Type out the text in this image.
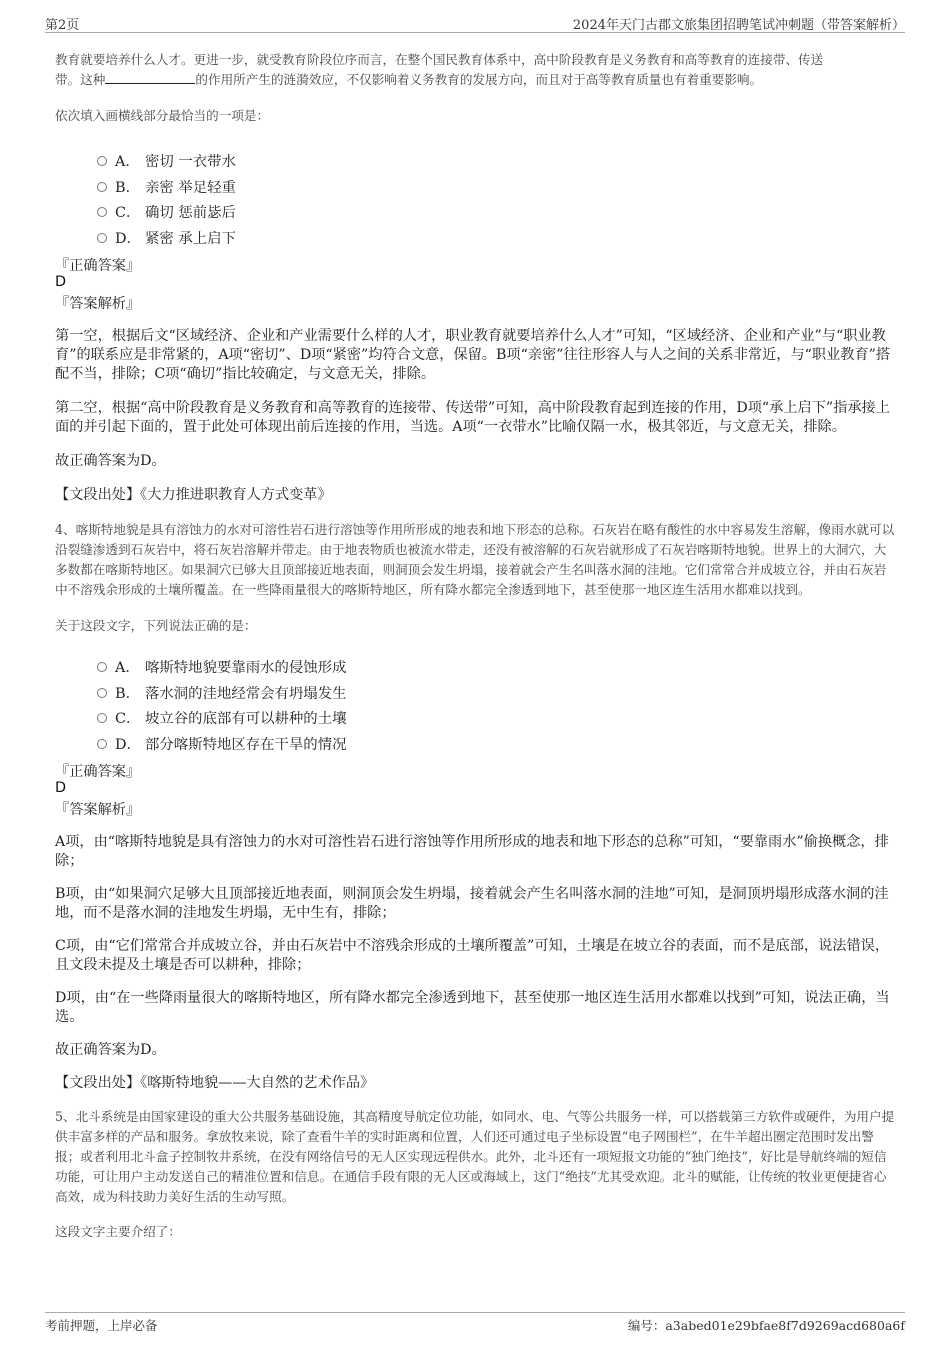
第2页	2024年天门古郡文旅集团招聘笔试冲刺题（带答案解析）

教育就要培养什么人才。更进一步，就受教育阶段位序而言，在整个国民教育体系中，高中阶段教育是义务教育和高等教育的连接带、传送

带。这种	的作用所产生的涟漪效应，不仅影响着义务教育的发展方向，而且对于高等教育质量也有着重要影响。

依次填入画横线部分最恰当的一项是：

A． 密切 一衣带水
B． 亲密 举足轻重
C． 确切 惩前毖后
D． 紧密 承上启下
『正确答案』
D
『答案解析』

第一空，根据后文“区域经济、企业和产业需要什么样的人才，职业教育就要培养什么人才”可知，“区域经济、企业和产业”与“职业教育”的联系应是非常紧的，A项“密切”、D项“紧密”均符合文意，保留。B项“亲密”往往形容人与人之间的关系非常近，与“职业教育”搭配不当，排除；C项“确切”指比较确定，与文意无关，排除。

第二空，根据“高中阶段教育是义务教育和高等教育的连接带、传送带”可知，高中阶段教育起到连接的作用，D项“承上启下”指承接上面的并引起下面的，置于此处可体现出前后连接的作用，当选。A项“一衣带水”比喻仅隔一水，极其邻近，与文意无关，排除。

故正确答案为D。

【文段出处】《大力推进职教育人方式变革》

4、喀斯特地貌是具有溶蚀力的水对可溶性岩石进行溶蚀等作用所形成的地表和地下形态的总称。石灰岩在略有酸性的水中容易发生溶解，像雨水就可以沿裂缝渗透到石灰岩中，将石灰岩溶解并带走。由于地表物质也被流水带走，还没有被溶解的石灰岩就形成了石灰岩喀斯特地貌。世界上的大洞穴，大多数都在喀斯特地区。如果洞穴已够大且顶部接近地表面，则洞顶会发生坍塌，接着就会产生名叫落水洞的洼地。它们常常合并成坡立谷，并由石灰岩中不溶残余形成的土壤所覆盖。在一些降雨量很大的喀斯特地区，所有降水都完全渗透到地下，甚至使那一地区连生活用水都难以找到。

关于这段文字，下列说法正确的是：

A． 喀斯特地貌要靠雨水的侵蚀形成
B． 落水洞的洼地经常会有坍塌发生
C． 坡立谷的底部有可以耕种的土壤
D． 部分喀斯特地区存在干旱的情况
『正确答案』
D
『答案解析』

A项，由“喀斯特地貌是具有溶蚀力的水对可溶性岩石进行溶蚀等作用所形成的地表和地下形态的总称”可知，“要靠雨水”偷换概念，排除；

B项，由“如果洞穴足够大且顶部接近地表面，则洞顶会发生坍塌，接着就会产生名叫落水洞的洼地”可知，是洞顶坍塌形成落水洞的洼地，而不是落水洞的洼地发生坍塌，无中生有，排除；

C项，由“它们常常合并成坡立谷，并由石灰岩中不溶残余形成的土壤所覆盖”可知，土壤是在坡立谷的表面，而不是底部，说法错误，且文段未提及土壤是否可以耕种，排除；

D项，由“在一些降雨量很大的喀斯特地区，所有降水都完全渗透到地下，甚至使那一地区连生活用水都难以找到”可知，说法正确，当选。

故正确答案为D。

【文段出处】《喀斯特地貌——大自然的艺术作品》

5、北斗系统是由国家建设的重大公共服务基础设施，其高精度导航定位功能，如同水、电、气等公共服务一样，可以搭载第三方软件或硬件，为用户提供丰富多样的产品和服务。拿放牧来说，除了查看牛羊的实时距离和位置，人们还可通过电子坐标设置“电子网围栏”，在牛羊超出圈定范围时发出警报；或者利用北斗盒子控制牧井系统，在没有网络信号的无人区实现远程供水。此外，北斗还有一项短报文功能的“独门绝技”，好比是导航终端的短信功能，可让用户主动发送自己的精准位置和信息。在通信手段有限的无人区或海域上，这门“绝技”尤其受欢迎。北斗的赋能，让传统的牧业更便捷省心高效，成为科技助力美好生活的生动写照。

这段文字主要介绍了：

考前押题，上岸必备	编号：a3abed01e29bfae8f7d9269acd680a6f
